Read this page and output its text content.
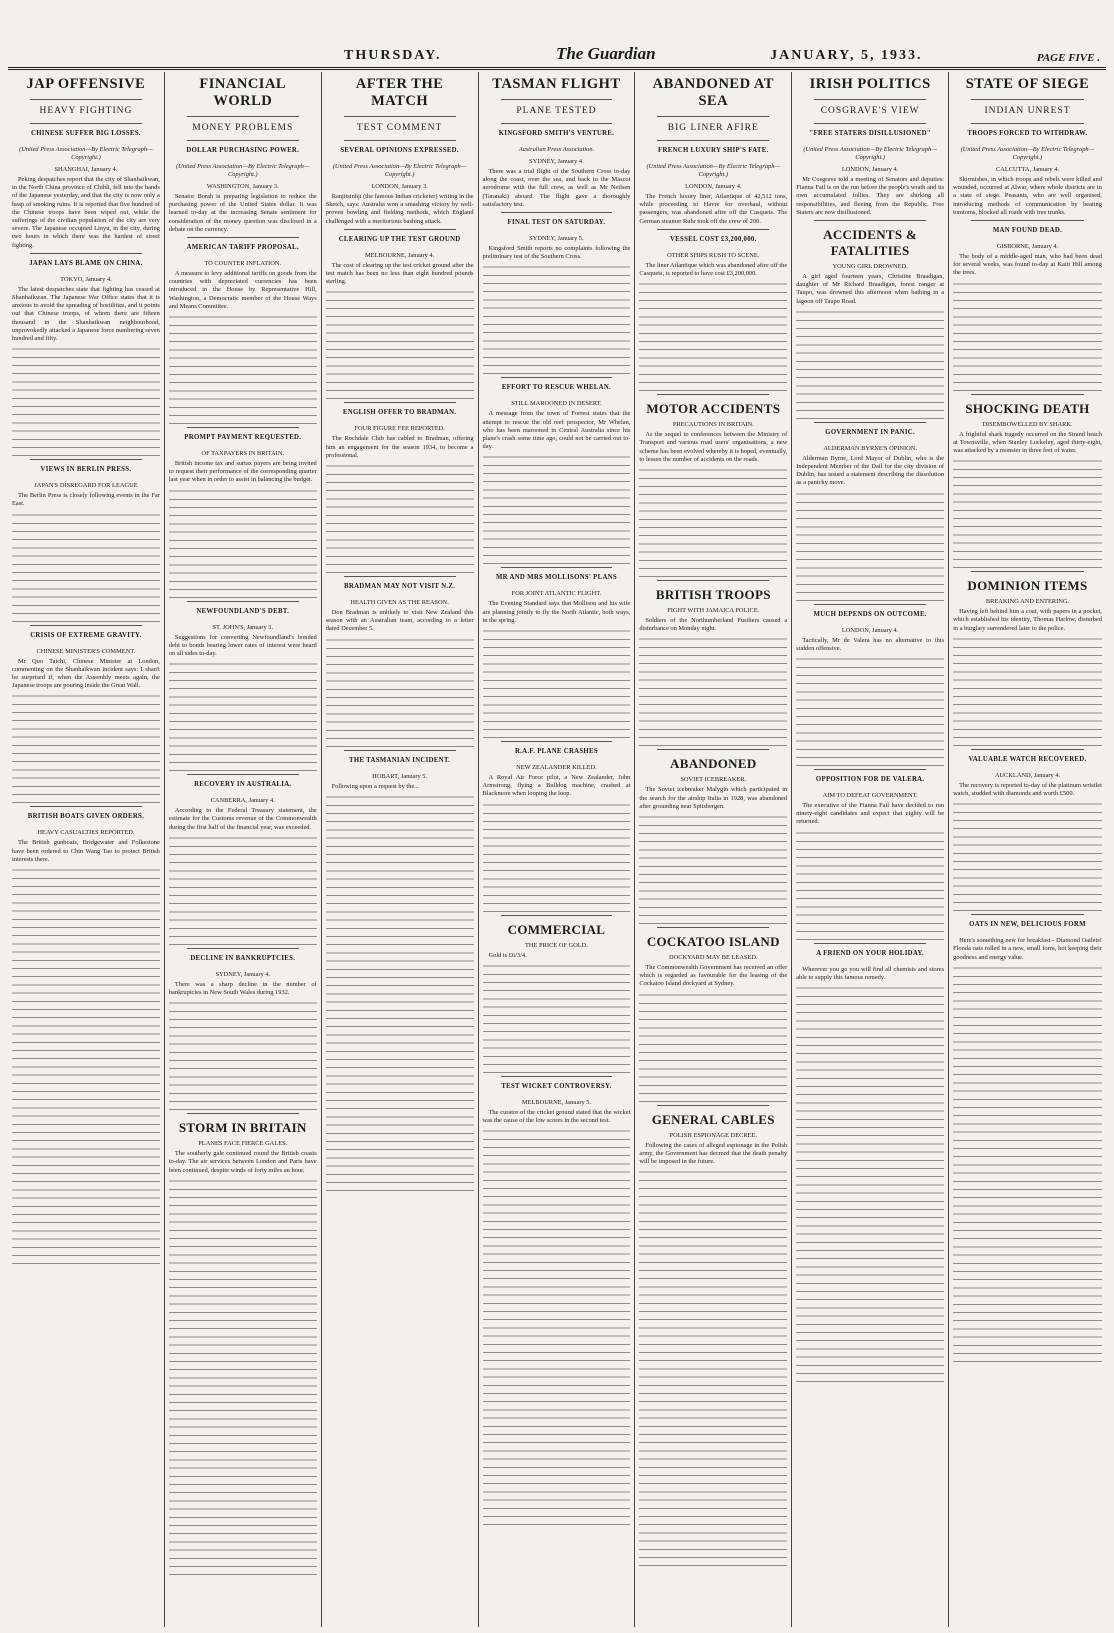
THURSDAY.	The Guardian	JANUARY, 5, 1933.	PAGE FIVE .
JAP OFFENSIVE
HEAVY FIGHTING
CHINESE SUFFER BIG LOSSES.
(United Press Association—By Electric Telegraph—Copyright.)
SHANGHAI, January 4.

Peking despatches report that the city of Shanhaikwan, in the North China province of Chihli, fell into the hands of the Japanese yesterday, and that the city is now only a heap of smoking ruins. It is reported that five hundred of the Chinese troops have been wiped out, while the sufferings of the civilian population of the city are very severe. The Japanese occupied Linyu, in the city, during two hours in which there was the hardest of street fighting.

JAPAN LAYS BLAME ON CHINA.
TOKYO, January 4.

The latest despatches state that fighting has ceased at Shanhaikwan. The Japanese War Office states that it is anxious to avoid the spreading of hostilities, and it points out that Chinese troops, of whom there are fifteen thousand in the Shanhaikwan neighbourhood, unprovokedly attacked a Japanese force numbering seven hundred and fifty.

VIEWS IN BERLIN PRESS.
JAPAN'S DISREGARD FOR LEAGUE

The Berlin Press is closely following events in the Far East.

CRISIS OF EXTREME GRAVITY.
CHINESE MINISTER'S COMMENT.

Mr Quo Taichi, Chinese Minister at London, commenting on the Shanhaikwan incident says: I shan't be surprised if, when the Assembly meets again, the Japanese troops are pouring inside the Great Wall.

BRITISH BOATS GIVEN ORDERS.
HEAVY CASUALTIES REPORTED.

The British gunboats, Bridgewater and Folkestone have been ordered to Chin Wang Tao to protect British interests there.

FINANCIAL WORLD
MONEY PROBLEMS
DOLLAR PURCHASING POWER.
(United Press Association—By Electric Telegraph—Copyright.)
WASHINGTON, January 3.

Senator Borah is preparing legislation to reduce the purchasing power of the United States dollar. It was learned to-day at the increasing Senate sentiment for consideration of the money question was disclosed in a debate on the currency.

AMERICAN TARIFF PROPOSAL.
TO COUNTER INFLATION.

A measure to levy additional tariffs on goods from the countries with depreciated currencies has been introduced in the House by Representative Hill, Washington, a Democratic member of the House Ways and Means Committee.

PROMPT PAYMENT REQUESTED.
OF TAXPAYERS IN BRITAIN.

British income tax and surtax payers are being invited to request their performance of the corresponding quarter last year when in order to assist in balancing the budget.

NEWFOUNDLAND'S DEBT.
ST. JOHN'S, January 3.

Suggestions for converting Newfoundland's bonded debt to bonds bearing lower rates of interest were heard on all sides to-day.

RECOVERY IN AUSTRALIA.
CANBERRA, January 4.

According to the Federal Treasury statement, the estimate for the Customs revenue of the Commonwealth during the first half of the financial year, was exceeded.

DECLINE IN BANKRUPTCIES.
SYDNEY, January 4.

There was a sharp decline in the number of bankruptcies in New South Wales during 1932.

STORM IN BRITAIN
PLANES FACE FIERCE GALES.

The southerly gale continued round the British coasts to-day. The air services between London and Paris have been continued, despite winds of forty miles an hour.

AFTER THE MATCH
TEST COMMENT
SEVERAL OPINIONS EXPRESSED.
(United Press Association—By Electric Telegraph—Copyright.)
LONDON, January 3.

Ranjitsinhji (the famous Indian cricketer) writing in the Sketch, says: Australia won a smashing victory by well-proven bowling and fielding methods, which England challenged with a meritorious bashing attack.

CLEARING UP THE TEST GROUND
MELBOURNE, January 4.

The cost of clearing up the test cricket ground after the test match has been no less than eight hundred pounds sterling.

ENGLISH OFFER TO BRADMAN.
FOUR FIGURE FEE REPORTED.

The Rochdale Club has cabled to Bradman, offering him an engagement for the season 1934, to become a professional.

BRADMAN MAY NOT VISIT N.Z.
HEALTH GIVEN AS THE REASON.

Don Bradman is unlikely to visit New Zealand this season with an Australian team, according to a letter dated December 5.

THE TASMANIAN INCIDENT.
HOBART, January 5.

Following upon a request by the...

TASMAN FLIGHT
PLANE TESTED
KINGSFORD SMITH'S VENTURE.
Australian Press Association.
SYDNEY, January 4.

There was a trial flight of the Southern Cross to-day along the coast, over the sea, and back to the Mascot aerodrome with the full crew, as well as Mr Neilsen (Taranaki) aboard. The flight gave a thoroughly satisfactory test.

FINAL TEST ON SATURDAY.
SYDNEY, January 5.

Kingsford Smith reports no complaints following the preliminary test of the Southern Cross.

EFFORT TO RESCUE WHELAN.
STILL MAROONED IN DESERT.

A message from the town of Forrest states that the attempt to rescue the old reef prospector, Mr Whelan, who has been marooned in Central Australia since his plane's crash some time ago, could not be carried out to-day.

MR AND MRS MOLLISONS' PLANS
FOR JOINT ATLANTIC FLIGHT.

The Evening Standard says that Mollison and his wife are planning jointly to fly the North Atlantic, both ways, in the spring.

R.A.F. PLANE CRASHES
NEW ZEALANDER KILLED.

A Royal Air Force pilot, a New Zealander, John Armstrong, flying a Bulldog machine, crashed at Blackmore when looping the loop.

COMMERCIAL
THE PRICE OF GOLD.

Gold is £6/3/4.

TEST WICKET CONTROVERSY.
MELBOURNE, January 5.

The curator of the cricket ground stated that the wicket was the cause of the low scores in the second test.

ABANDONED AT SEA
BIG LINER AFIRE
FRENCH LUXURY SHIP'S FATE.
(United Press Association—By Electric Telegraph—Copyright.)
LONDON, January 4.

The French luxury liner, Atlantique of 42,512 tons, while proceeding to Havre for overhaul, without passengers, was abandoned afire off the Casquets. The German steamer Ruhr took off the crew of 200.

VESSEL COST £3,200,000.
OTHER SHIPS RUSH TO SCENE.

The liner Atlantique which was abandoned afire off the Casquets, is reported to have cost £3,200,000.

MOTOR ACCIDENTS
PRECAUTIONS IN BRITAIN.

As the sequel to conferences between the Ministry of Transport and various road users' organisations, a new scheme has been evolved whereby it is hoped, eventually, to lessen the number of accidents on the roads.

BRITISH TROOPS
FIGHT WITH JAMAICA POLICE.

Soldiers of the Northumberland Fusiliers caused a disturbance on Monday night.

ABANDONED
SOVIET ICEBREAKER.

The Soviet icebreaker Malygin which participated in the search for the airship Italia in 1928, was abandoned after grounding near Spitsbergen.

COCKATOO ISLAND
DOCKYARD MAY BE LEASED.

The Commonwealth Government has received an offer which is regarded as favourable for the leasing of the Cockatoo Island dockyard at Sydney.

GENERAL CABLES
POLISH ESPIONAGE DECREE.

Following the cases of alleged espionage in the Polish army, the Government has decreed that the death penalty will be imposed in the future.

IRISH POLITICS
COSGRAVE'S VIEW
"FREE STATERS DISILLUSIONED"
(United Press Association—By Electric Telegraph—Copyright.)
LONDON, January 4.

Mr Cosgrave told a meeting of Senators and deputies: Fianna Fail is on the run before the people's wrath and its own accumulated follies. They are shirking all responsibilities, and fleeing from the Republic. Free Staters are now disillusioned.

ACCIDENTS & FATALITIES
YOUNG GIRL DROWNED.

A girl aged fourteen years, Christine Braadigan, daughter of Mr Richard Braadigan, forest ranger at Taupo, was drowned this afternoon when bathing in a lagoon off Taupo Road.

GOVERNMENT IN PANIC.
ALDERMAN BYRNE'S OPINION.

Alderman Byrne, Lord Mayor of Dublin, who is the Independent Member of the Dail for the city division of Dublin, has issued a statement describing the dissolution as a panicky move.

MUCH DEPENDS ON OUTCOME.
LONDON, January 4.

Tactically, Mr de Valera has no alternative to this sudden offensive.

OPPOSITION FOR DE VALERA.
AIM TO DEFEAT GOVERNMENT.

The executive of the Fianna Fail have decided to run ninety-eight candidates and expect that eighty will be returned.

A FRIEND ON YOUR HOLIDAY.

Wherever you go you will find all chemists and stores able to supply this famous remedy.

STATE OF SIEGE
INDIAN UNREST
TROOPS FORCED TO WITHDRAW.
(United Press Association—By Electric Telegraph—Copyright.)
CALCUTTA, January 4.

Skirmishes, in which troops and rebels were killed and wounded, occurred at Alwar, where whole districts are in a state of siege. Peasants, who are well organised, introducing methods of communication by beating tomtoms, blocked all roads with tree trunks.

MAN FOUND DEAD.
GISBORNE, January 4.

The body of a middle-aged man, who had been dead for several weeks, was found to-day at Kaiti Hill among the trees.

SHOCKING DEATH
DISEMBOWELLED BY SHARK.

A frightful shark tragedy occurred on the Strand beach at Townsville, when Stanley Lockeley, aged thirty-eight, was attacked by a monster in three feet of water.

DOMINION ITEMS
BREAKING AND ENTERING.

Having left behind him a coat, with papers in a pocket, which established his identity, Thomas Harlow, disturbed in a burglary surrendered later to the police.

VALUABLE WATCH RECOVERED.
AUCKLAND, January 4.

The recovery is reported to-day of the platinum wristlet watch, studded with diamonds and worth £500.

OATS IN NEW, DELICIOUS FORM

Here's something new for breakfast - Diamond Oatlets! Flonda oats rolled in a new, small form, hot keeping their goodness and energy value.
